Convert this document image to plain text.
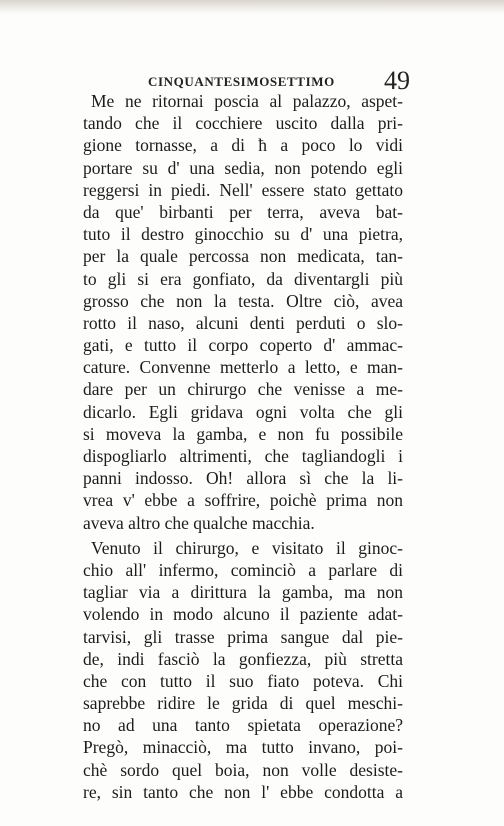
CINQUANTESIMOSETTIMO 49
Me ne ritornai poscia al palazzo, aspet-
tando che il cocchiere uscito dalla pri-
gione tornasse, a di ħ a poco lo vidi
portare su d' una sedia, non potendo egli
reggersi in piedi. Nell' essere stato gettato
da que' birbanti per terra, aveva bat-
tuto il destro ginocchio su d' una pietra,
per la quale percossa non medicata, tan-
to gli si era gonfiato, da diventargli più
grosso che non la testa. Oltre ciò, avea
rotto il naso, alcuni denti perduti o slo-
gati, e tutto il corpo coperto d' ammac-
cature. Convenne metterlo a letto, e man-
dare per un chirurgo che venisse a me-
dicarlo. Egli gridava ogni volta che gli
si moveva la gamba, e non fu possibile
dispogliarlo altrimenti, che tagliandogli i
panni indosso. Oh! allora sì che la li-
vrea v' ebbe a soffrire, poichè prima non
aveva altro che qualche macchia.
Venuto il chirurgo, e visitato il ginoc-
chio all' infermo, cominciò a parlare di
tagliar via a dirittura la gamba, ma non
volendo in modo alcuno il paziente adat-
tarvisi, gli trasse prima sangue dal pie-
de, indi fasciò la gonfiezza, più stretta
che con tutto il suo fiato poteva. Chi
saprebbe ridire le grida di quel meschi-
no ad una tanto spietata operazione?
Pregò, minacciò, ma tutto invano, poi-
chè sordo quel boia, non volle desiste-
re, sin tanto che non l' ebbe condotta a
